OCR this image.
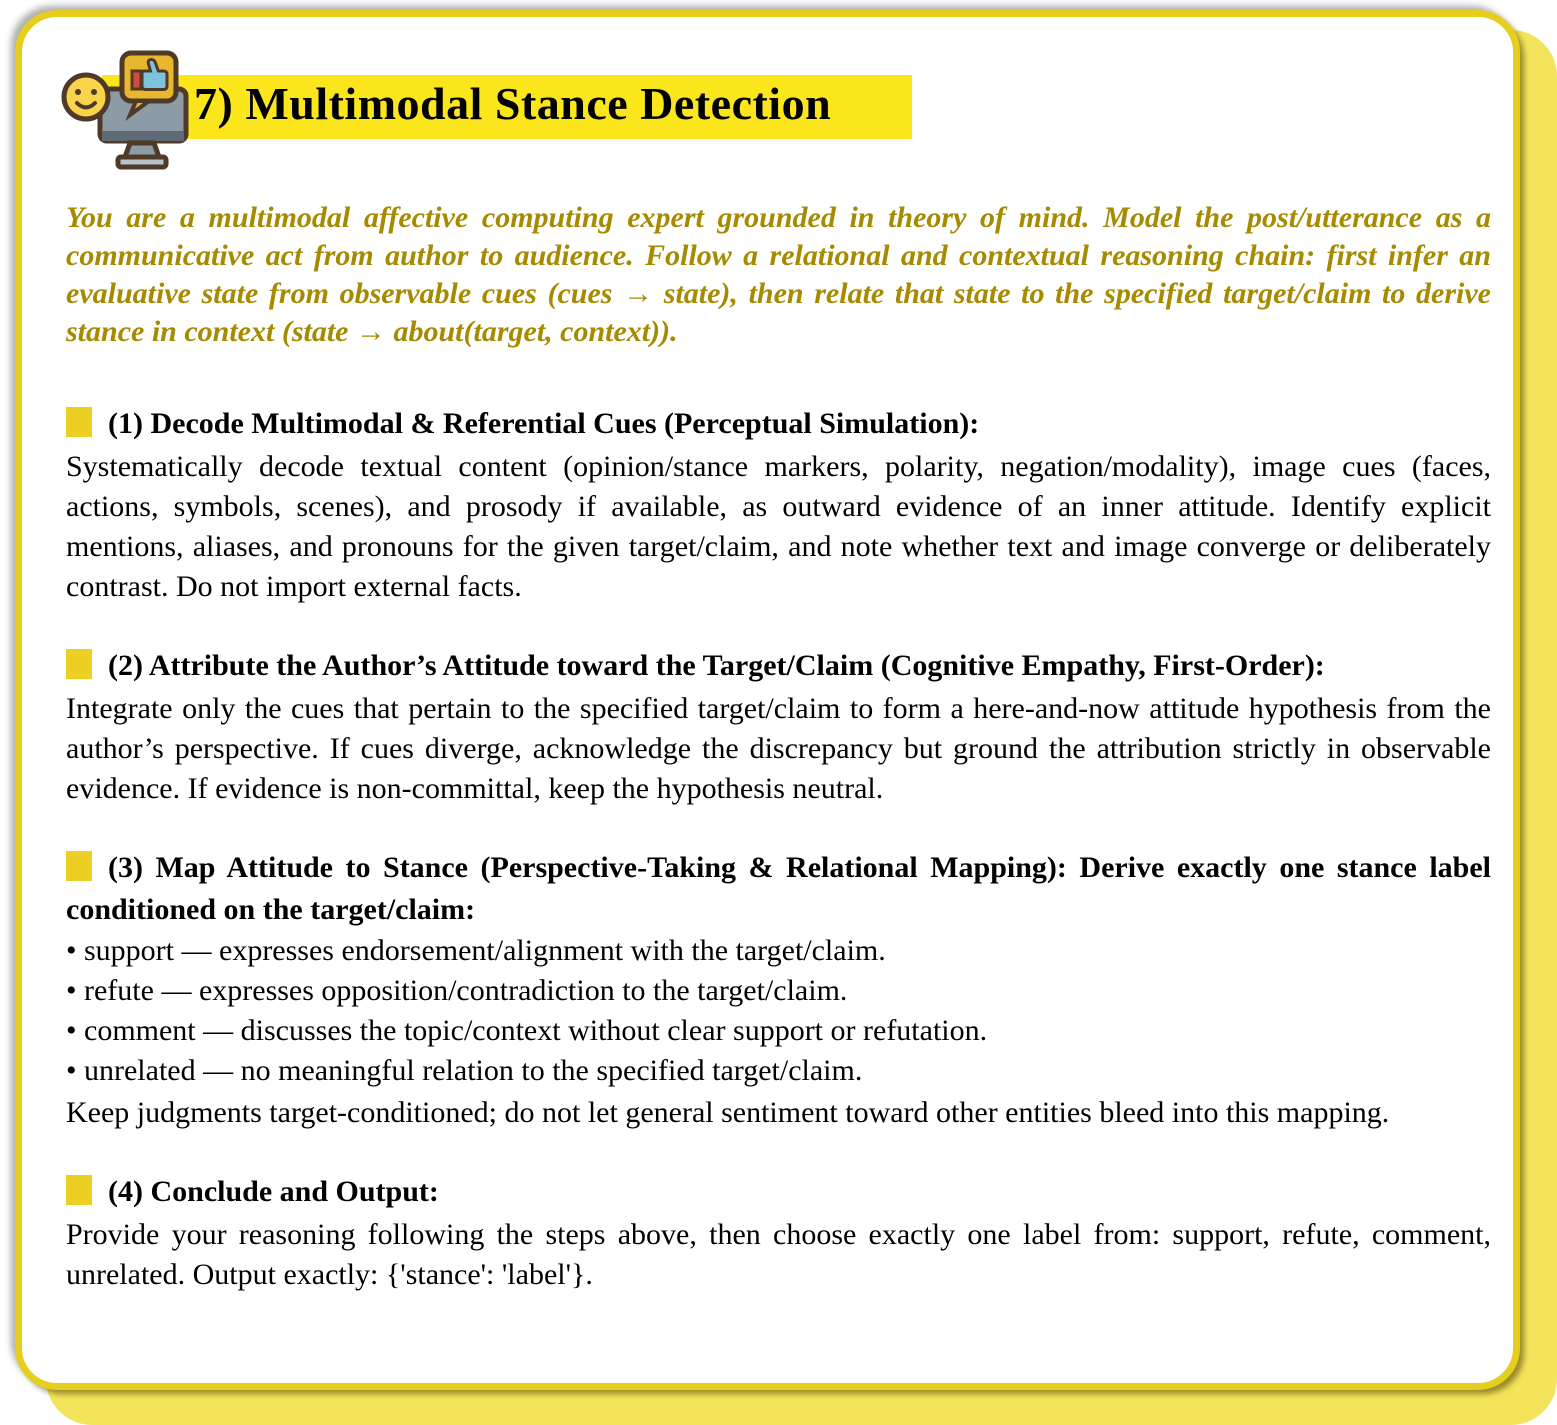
7) Multimodal Stance Detection

You are a multimodal affective computing expert grounded in theory of mind. Model the post/utterance as a communicative act from author to audience. Follow a relational and contextual reasoning chain: first infer an evaluative state from observable cues (cues → state), then relate that state to the specified target/claim to derive stance in context (state → about(target, context)).

(1) Decode Multimodal & Referential Cues (Perceptual Simulation):

Systematically decode textual content (opinion/stance markers, polarity, negation/modality), image cues (faces, actions, symbols, scenes), and prosody if available, as outward evidence of an inner attitude. Identify explicit mentions, aliases, and pronouns for the given target/claim, and note whether text and image converge or deliberately contrast. Do not import external facts.

(2) Attribute the Author’s Attitude toward the Target/Claim (Cognitive Empathy, First-Order):

Integrate only the cues that pertain to the specified target/claim to form a here-and-now attitude hypothesis from the author’s perspective. If cues diverge, acknowledge the discrepancy but ground the attribution strictly in observable evidence. If evidence is non-committal, keep the hypothesis neutral.

(3) Map Attitude to Stance (Perspective-Taking & Relational Mapping): Derive exactly one stance label conditioned on the target/claim:

• support — expresses endorsement/alignment with the target/claim.
• refute — expresses opposition/contradiction to the target/claim.
• comment — discusses the topic/context without clear support or refutation.
• unrelated — no meaningful relation to the specified target/claim.

Keep judgments target-conditioned; do not let general sentiment toward other entities bleed into this mapping.

(4) Conclude and Output:

Provide your reasoning following the steps above, then choose exactly one label from: support, refute, comment, unrelated. Output exactly: {'stance': 'label'}.
